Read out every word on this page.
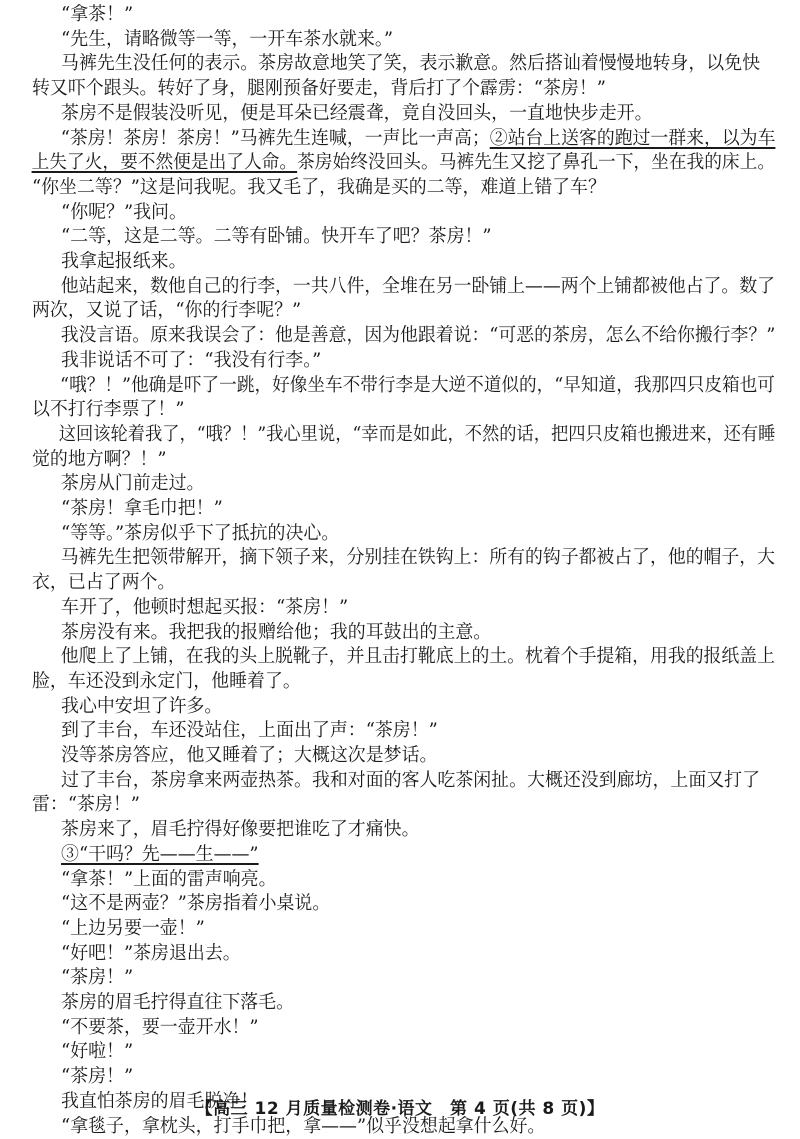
“拿茶！”
“先生，请略微等一等，一开车茶水就来。”
马裤先生没任何的表示。茶房故意地笑了笑，表示歉意。然后搭讪着慢慢地转身，以免快
转又吓个跟头。转好了身，腿刚预备好要走，背后打了个霹雳：“茶房！”
茶房不是假装没听见，便是耳朵已经震聋，竟自没回头，一直地快步走开。
“茶房！茶房！茶房！”马裤先生连喊，一声比一声高；②站台上送客的跑过一群来，以为车
上失了火，要不然便是出了人命。茶房始终没回头。马裤先生又挖了鼻孔一下，坐在我的床上。
“你坐二等？”这是问我呢。我又毛了，我确是买的二等，难道上错了车？
“你呢？”我问。
“二等，这是二等。二等有卧铺。快开车了吧？茶房！”
我拿起报纸来。
他站起来，数他自己的行李，一共八件，全堆在另一卧铺上——两个上铺都被他占了。数了
两次，又说了话，“你的行李呢？”
我没言语。原来我误会了：他是善意，因为他跟着说：“可恶的茶房，怎么不给你搬行李？”
我非说话不可了：“我没有行李。”
“哦？！”他确是吓了一跳，好像坐车不带行李是大逆不道似的，“早知道，我那四只皮箱也可
以不打行李票了！”
这回该轮着我了，“哦？！”我心里说，“幸而是如此，不然的话，把四只皮箱也搬进来，还有睡
觉的地方啊？！”
茶房从门前走过。
“茶房！拿毛巾把！”
“等等。”茶房似乎下了抵抗的决心。
马裤先生把领带解开，摘下领子来，分别挂在铁钩上：所有的钩子都被占了，他的帽子，大
衣，已占了两个。
车开了，他顿时想起买报：“茶房！”
茶房没有来。我把我的报赠给他；我的耳鼓出的主意。
他爬上了上铺，在我的头上脱靴子，并且击打靴底上的土。枕着个手提箱，用我的报纸盖上
脸，车还没到永定门，他睡着了。
我心中安坦了许多。
到了丰台，车还没站住，上面出了声：“茶房！”
没等茶房答应，他又睡着了；大概这次是梦话。
过了丰台，茶房拿来两壶热茶。我和对面的客人吃茶闲扯。大概还没到廊坊，上面又打了
雷：“茶房！”
茶房来了，眉毛拧得好像要把谁吃了才痛快。
③“干吗？先——生——”
“拿茶！”上面的雷声响亮。
“这不是两壶？”茶房指着小桌说。
“上边另要一壶！”
“好吧！”茶房退出去。
“茶房！”
茶房的眉毛拧得直往下落毛。
“不要茶，要一壶开水！”
“好啦！”
“茶房！”
我直怕茶房的眉毛脱净！
“拿毯子，拿枕头，打手巾把，拿——”似乎没想起拿什么好。
【高三 12 月质量检测卷·语文　第 4 页(共 8 页)】
